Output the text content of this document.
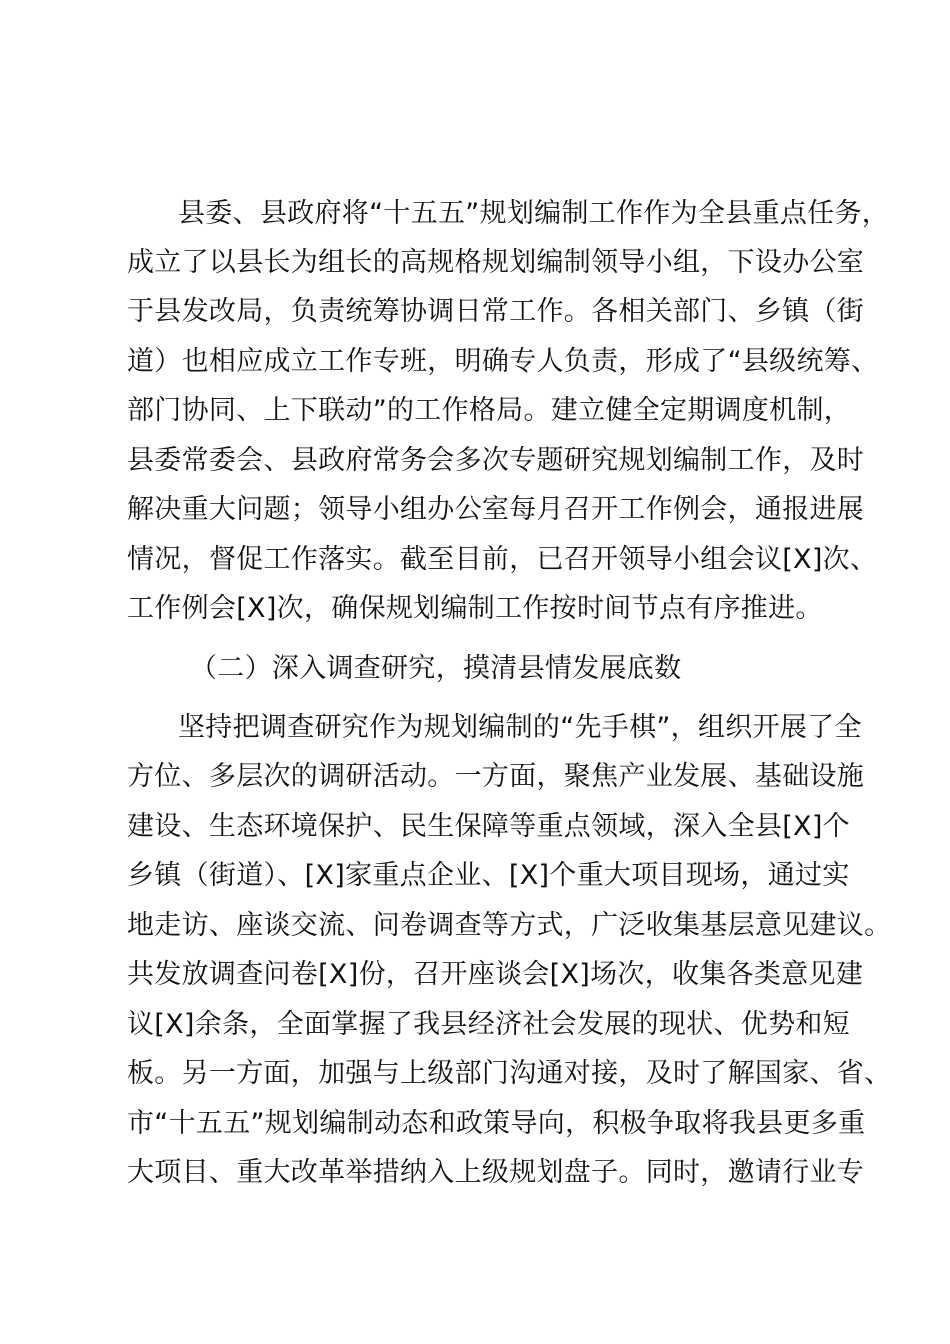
县委、县政府将“十五五”规划编制工作作为全县重点任务，
成立了以县长为组长的高规格规划编制领导小组，下设办公室
于县发改局，负责统筹协调日常工作。各相关部门、乡镇（街
道）也相应成立工作专班，明确专人负责，形成了“县级统筹、
部门协同、上下联动”的工作格局。建立健全定期调度机制，
县委常委会、县政府常务会多次专题研究规划编制工作，及时
解决重大问题；领导小组办公室每月召开工作例会，通报进展
情况，督促工作落实。截至目前，已召开领导小组会议[X]次、
工作例会[X]次，确保规划编制工作按时间节点有序推进。
（二）深入调查研究，摸清县情发展底数
坚持把调查研究作为规划编制的“先手棋”，组织开展了全
方位、多层次的调研活动。一方面，聚焦产业发展、基础设施
建设、生态环境保护、民生保障等重点领域，深入全县[X]个
乡镇（街道）、[X]家重点企业、[X]个重大项目现场，通过实
地走访、座谈交流、问卷调查等方式，广泛收集基层意见建议。
共发放调查问卷[X]份，召开座谈会[X]场次，收集各类意见建
议[X]余条，全面掌握了我县经济社会发展的现状、优势和短
板。另一方面，加强与上级部门沟通对接，及时了解国家、省、
市“十五五”规划编制动态和政策导向，积极争取将我县更多重
大项目、重大改革举措纳入上级规划盘子。同时，邀请行业专
